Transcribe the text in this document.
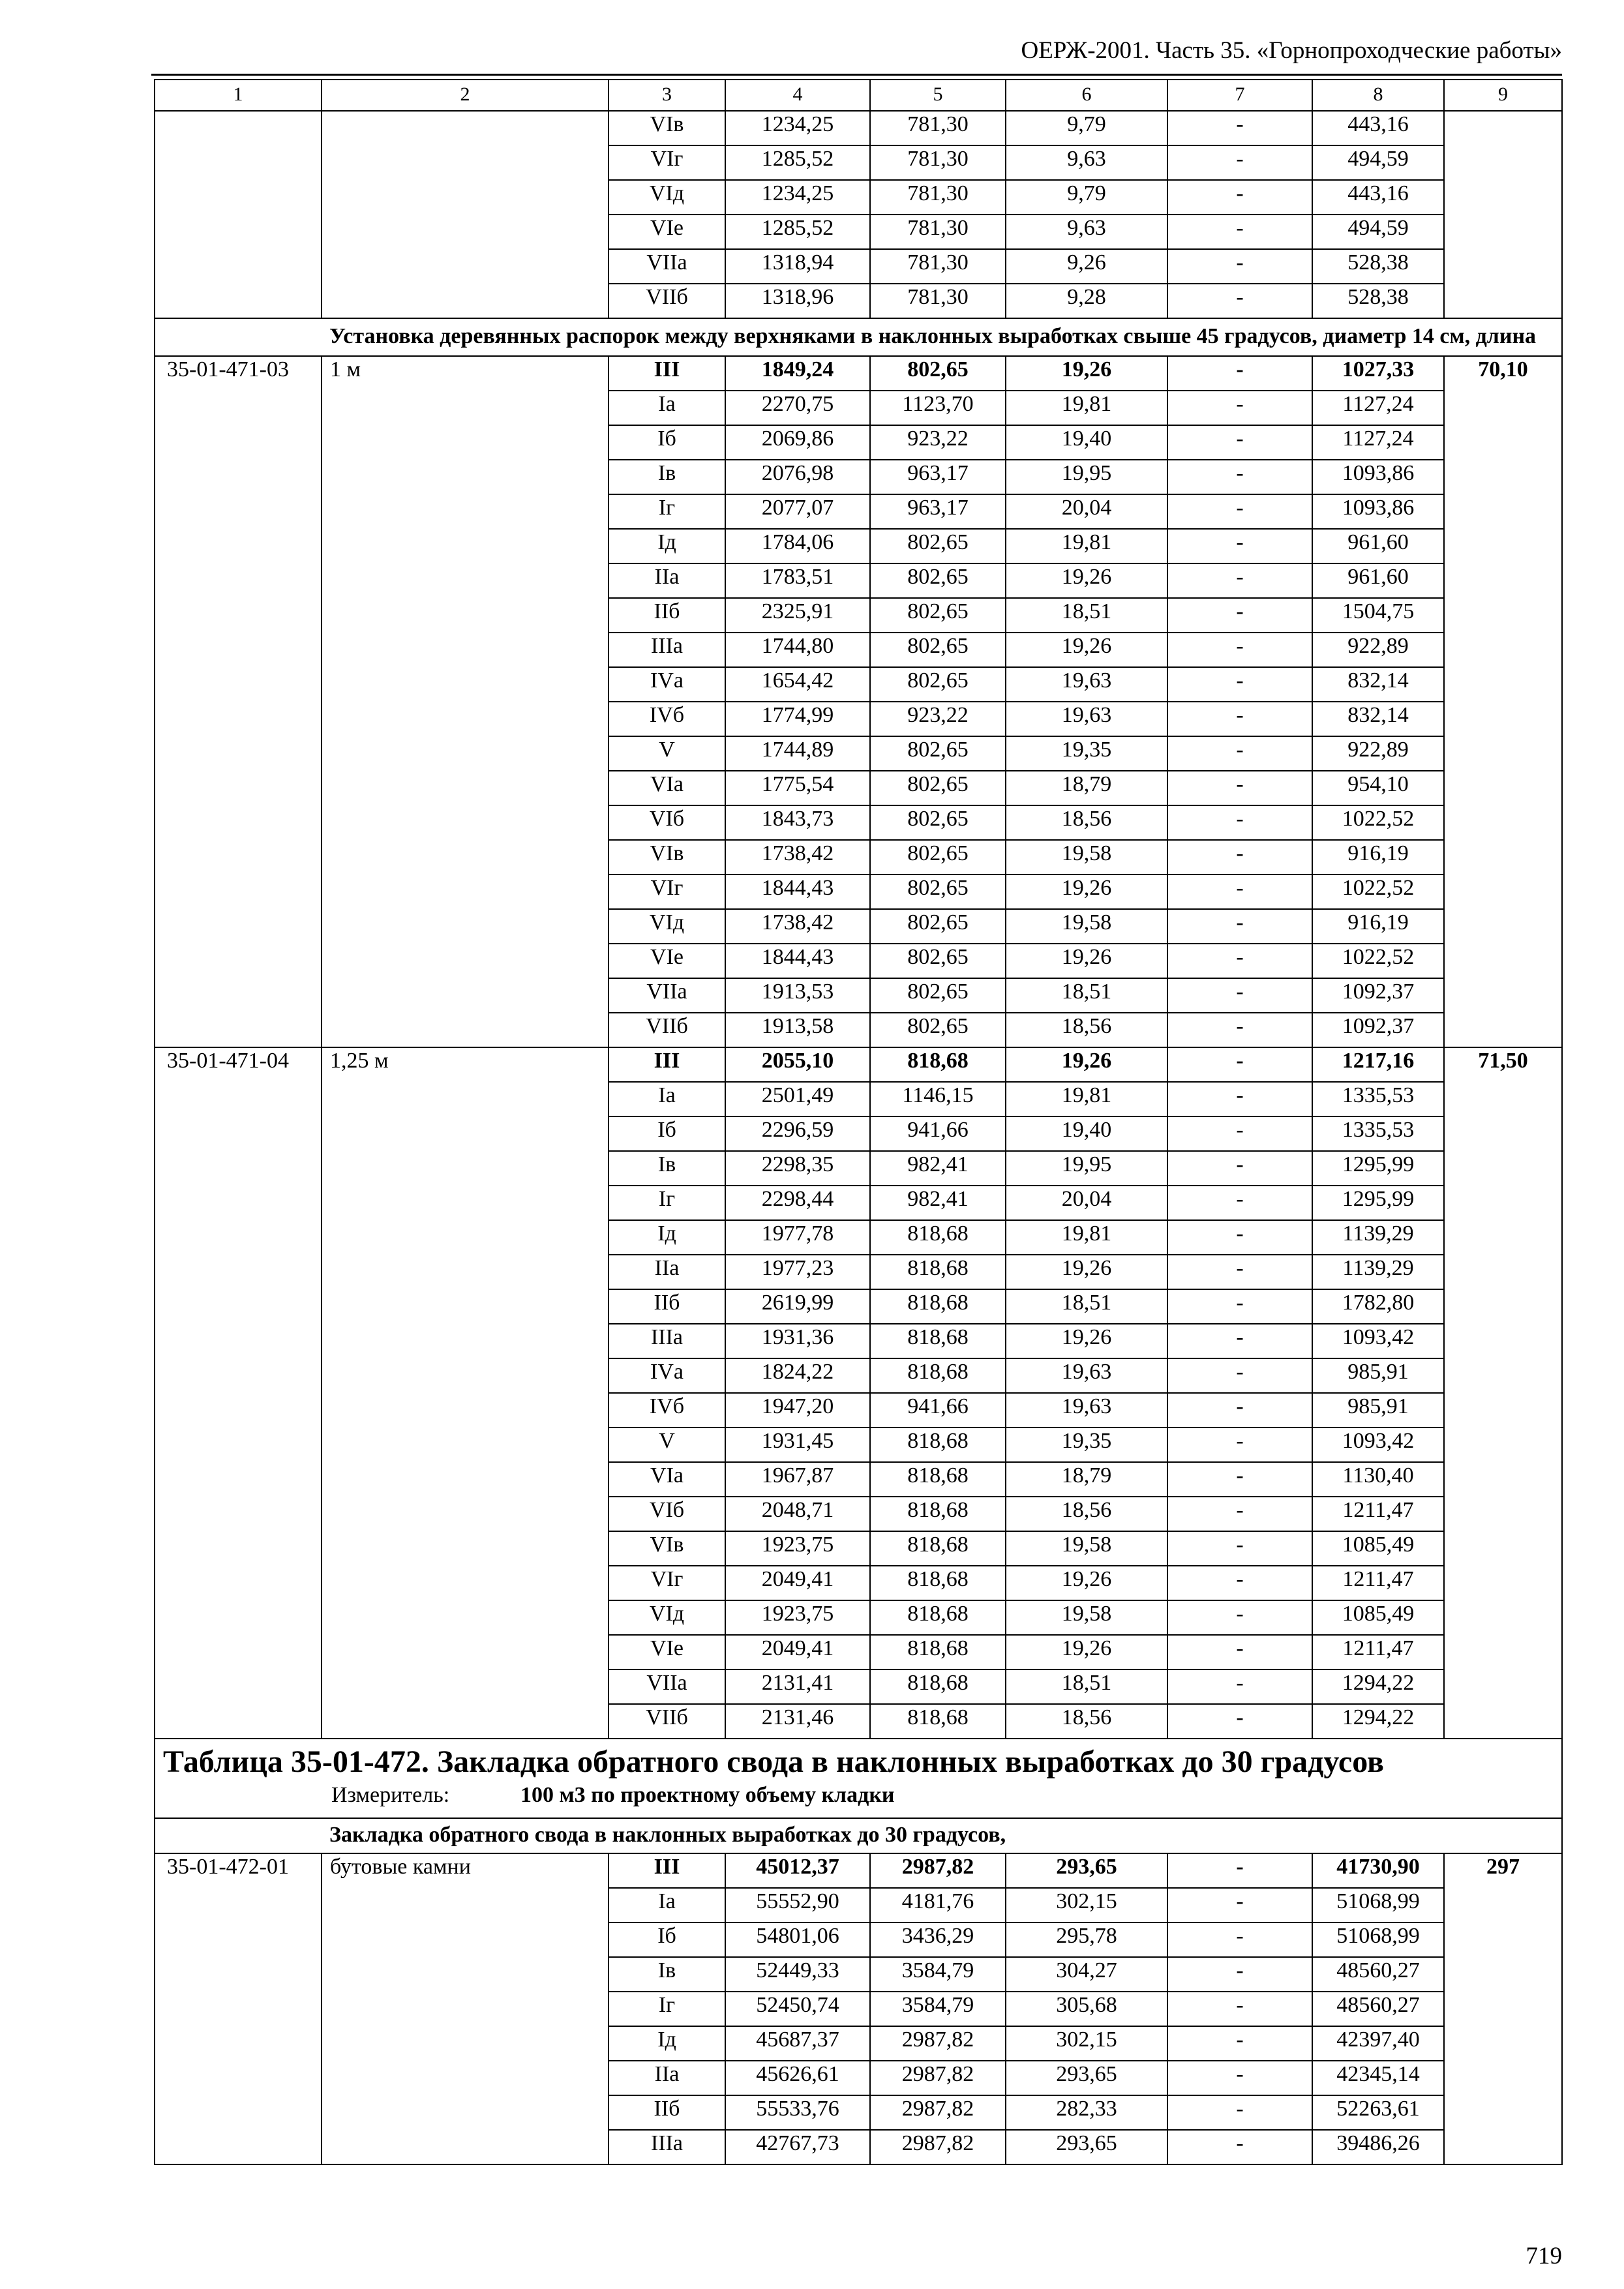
ОЕРЖ-2001. Часть 35. «Горнопроходческие работы»
1	2	3	4	5	6	7	8	9
		VIв	1234,25	781,30	9,79	-	443,16	
		VIг	1285,52	781,30	9,63	-	494,59	
		VIд	1234,25	781,30	9,79	-	443,16	
		VIе	1285,52	781,30	9,63	-	494,59	
		VIIа	1318,94	781,30	9,26	-	528,38	
		VIIб	1318,96	781,30	9,28	-	528,38	
	Установка деревянных распорок между верхняками в наклонных выработках свыше 45 градусов, диаметр 14 см, длина							
35-01-471-03	1 м	III	1849,24	802,65	19,26	-	1027,33	70,10
		Iа	2270,75	1123,70	19,81	-	1127,24	
		Iб	2069,86	923,22	19,40	-	1127,24	
		Iв	2076,98	963,17	19,95	-	1093,86	
		Iг	2077,07	963,17	20,04	-	1093,86	
		Iд	1784,06	802,65	19,81	-	961,60	
		IIа	1783,51	802,65	19,26	-	961,60	
		IIб	2325,91	802,65	18,51	-	1504,75	
		IIIа	1744,80	802,65	19,26	-	922,89	
		IVа	1654,42	802,65	19,63	-	832,14	
		IVб	1774,99	923,22	19,63	-	832,14	
		V	1744,89	802,65	19,35	-	922,89	
		VIа	1775,54	802,65	18,79	-	954,10	
		VIб	1843,73	802,65	18,56	-	1022,52	
		VIв	1738,42	802,65	19,58	-	916,19	
		VIг	1844,43	802,65	19,26	-	1022,52	
		VIд	1738,42	802,65	19,58	-	916,19	
		VIе	1844,43	802,65	19,26	-	1022,52	
		VIIа	1913,53	802,65	18,51	-	1092,37	
		VIIб	1913,58	802,65	18,56	-	1092,37	
35-01-471-04	1,25 м	III	2055,10	818,68	19,26	-	1217,16	71,50
		Iа	2501,49	1146,15	19,81	-	1335,53	
		Iб	2296,59	941,66	19,40	-	1335,53	
		Iв	2298,35	982,41	19,95	-	1295,99	
		Iг	2298,44	982,41	20,04	-	1295,99	
		Iд	1977,78	818,68	19,81	-	1139,29	
		IIа	1977,23	818,68	19,26	-	1139,29	
		IIб	2619,99	818,68	18,51	-	1782,80	
		IIIа	1931,36	818,68	19,26	-	1093,42	
		IVа	1824,22	818,68	19,63	-	985,91	
		IVб	1947,20	941,66	19,63	-	985,91	
		V	1931,45	818,68	19,35	-	1093,42	
		VIа	1967,87	818,68	18,79	-	1130,40	
		VIб	2048,71	818,68	18,56	-	1211,47	
		VIв	1923,75	818,68	19,58	-	1085,49	
		VIг	2049,41	818,68	19,26	-	1211,47	
		VIд	1923,75	818,68	19,58	-	1085,49	
		VIе	2049,41	818,68	19,26	-	1211,47	
		VIIа	2131,41	818,68	18,51	-	1294,22	
		VIIб	2131,46	818,68	18,56	-	1294,22	
Таблица 35-01-472. Закладка обратного свода в наклонных выработках до 30 градусов								
Измеритель: 100 м3 по проектному объему кладки								
	Закладка обратного свода в наклонных выработках до 30 градусов,							
35-01-472-01	бутовые камни	III	45012,37	2987,82	293,65	-	41730,90	297
		Iа	55552,90	4181,76	302,15	-	51068,99	
		Iб	54801,06	3436,29	295,78	-	51068,99	
		Iв	52449,33	3584,79	304,27	-	48560,27	
		Iг	52450,74	3584,79	305,68	-	48560,27	
		Iд	45687,37	2987,82	302,15	-	42397,40	
		IIа	45626,61	2987,82	293,65	-	42345,14	
		IIб	55533,76	2987,82	282,33	-	52263,61	
		IIIа	42767,73	2987,82	293,65	-	39486,26	
719
